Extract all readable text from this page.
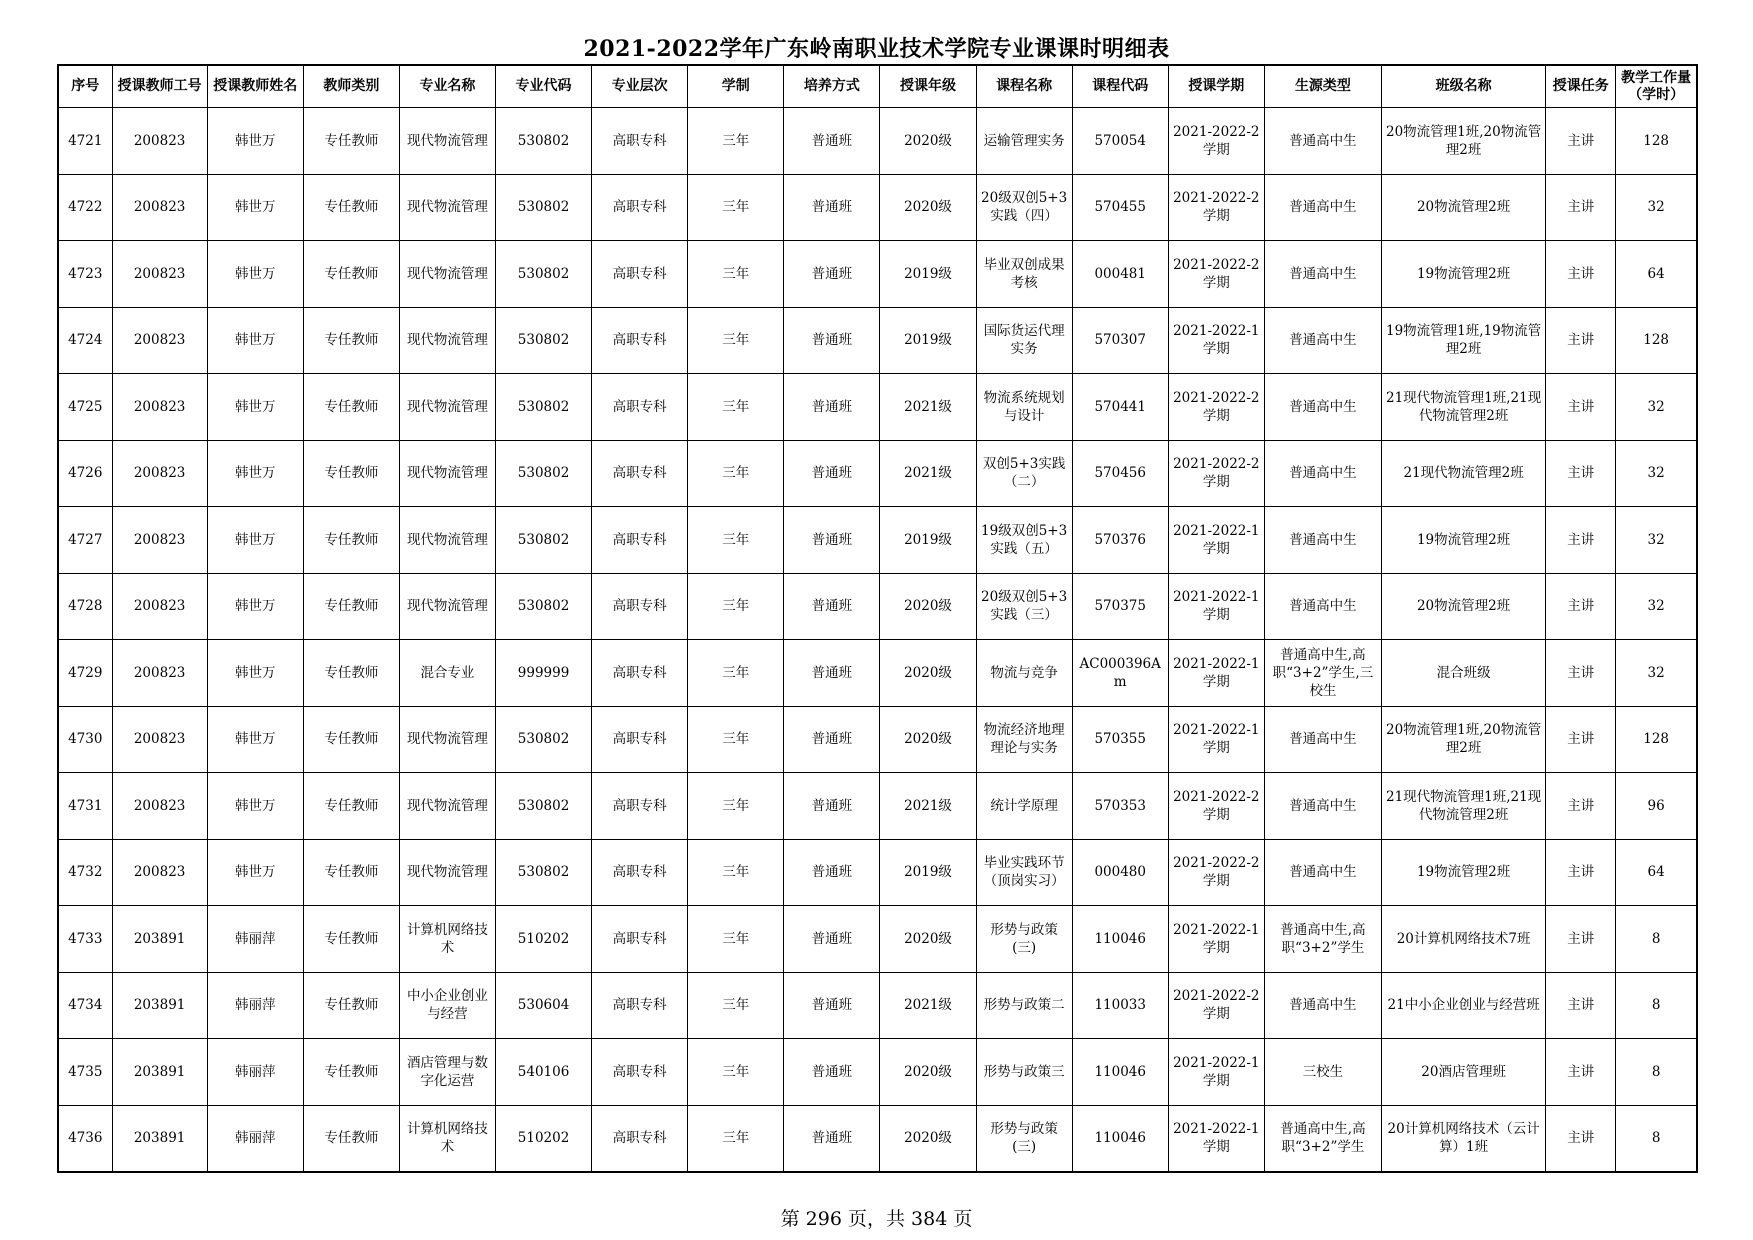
2021-2022学年广东岭南职业技术学院专业课课时明细表
序号	授课教师工号	授课教师姓名	教师类别	专业名称	专业代码	专业层次	学制	培养方式	授课年级	课程名称	课程代码	授课学期	生源类型	班级名称	授课任务	教学工作量（学时）
4721	200823	韩世万	专任教师	现代物流管理	530802	高职专科	三年	普通班	2020级	运输管理实务	570054	2021-2022-2学期	普通高中生	20物流管理1班,20物流管理2班	主讲	128
4722	200823	韩世万	专任教师	现代物流管理	530802	高职专科	三年	普通班	2020级	20级双创5+3实践（四）	570455	2021-2022-2学期	普通高中生	20物流管理2班	主讲	32
4723	200823	韩世万	专任教师	现代物流管理	530802	高职专科	三年	普通班	2019级	毕业双创成果考核	000481	2021-2022-2学期	普通高中生	19物流管理2班	主讲	64
4724	200823	韩世万	专任教师	现代物流管理	530802	高职专科	三年	普通班	2019级	国际货运代理实务	570307	2021-2022-1学期	普通高中生	19物流管理1班,19物流管理2班	主讲	128
4725	200823	韩世万	专任教师	现代物流管理	530802	高职专科	三年	普通班	2021级	物流系统规划与设计	570441	2021-2022-2学期	普通高中生	21现代物流管理1班,21现代物流管理2班	主讲	32
4726	200823	韩世万	专任教师	现代物流管理	530802	高职专科	三年	普通班	2021级	双创5+3实践（二）	570456	2021-2022-2学期	普通高中生	21现代物流管理2班	主讲	32
4727	200823	韩世万	专任教师	现代物流管理	530802	高职专科	三年	普通班	2019级	19级双创5+3实践（五）	570376	2021-2022-1学期	普通高中生	19物流管理2班	主讲	32
4728	200823	韩世万	专任教师	现代物流管理	530802	高职专科	三年	普通班	2020级	20级双创5+3实践（三）	570375	2021-2022-1学期	普通高中生	20物流管理2班	主讲	32
4729	200823	韩世万	专任教师	混合专业	999999	高职专科	三年	普通班	2020级	物流与竞争	AC000396Am	2021-2022-1学期	普通高中生,高职“3+2”学生,三校生	混合班级	主讲	32
4730	200823	韩世万	专任教师	现代物流管理	530802	高职专科	三年	普通班	2020级	物流经济地理理论与实务	570355	2021-2022-1学期	普通高中生	20物流管理1班,20物流管理2班	主讲	128
4731	200823	韩世万	专任教师	现代物流管理	530802	高职专科	三年	普通班	2021级	统计学原理	570353	2021-2022-2学期	普通高中生	21现代物流管理1班,21现代物流管理2班	主讲	96
4732	200823	韩世万	专任教师	现代物流管理	530802	高职专科	三年	普通班	2019级	毕业实践环节（顶岗实习）	000480	2021-2022-2学期	普通高中生	19物流管理2班	主讲	64
4733	203891	韩丽萍	专任教师	计算机网络技术	510202	高职专科	三年	普通班	2020级	形势与政策(三)	110046	2021-2022-1学期	普通高中生,高职“3+2”学生	20计算机网络技术7班	主讲	8
4734	203891	韩丽萍	专任教师	中小企业创业与经营	530604	高职专科	三年	普通班	2021级	形势与政策二	110033	2021-2022-2学期	普通高中生	21中小企业创业与经营班	主讲	8
4735	203891	韩丽萍	专任教师	酒店管理与数字化运营	540106	高职专科	三年	普通班	2020级	形势与政策三	110046	2021-2022-1学期	三校生	20酒店管理班	主讲	8
4736	203891	韩丽萍	专任教师	计算机网络技术	510202	高职专科	三年	普通班	2020级	形势与政策(三)	110046	2021-2022-1学期	普通高中生,高职“3+2”学生	20计算机网络技术（云计算）1班	主讲	8
第 296 页，共 384 页
